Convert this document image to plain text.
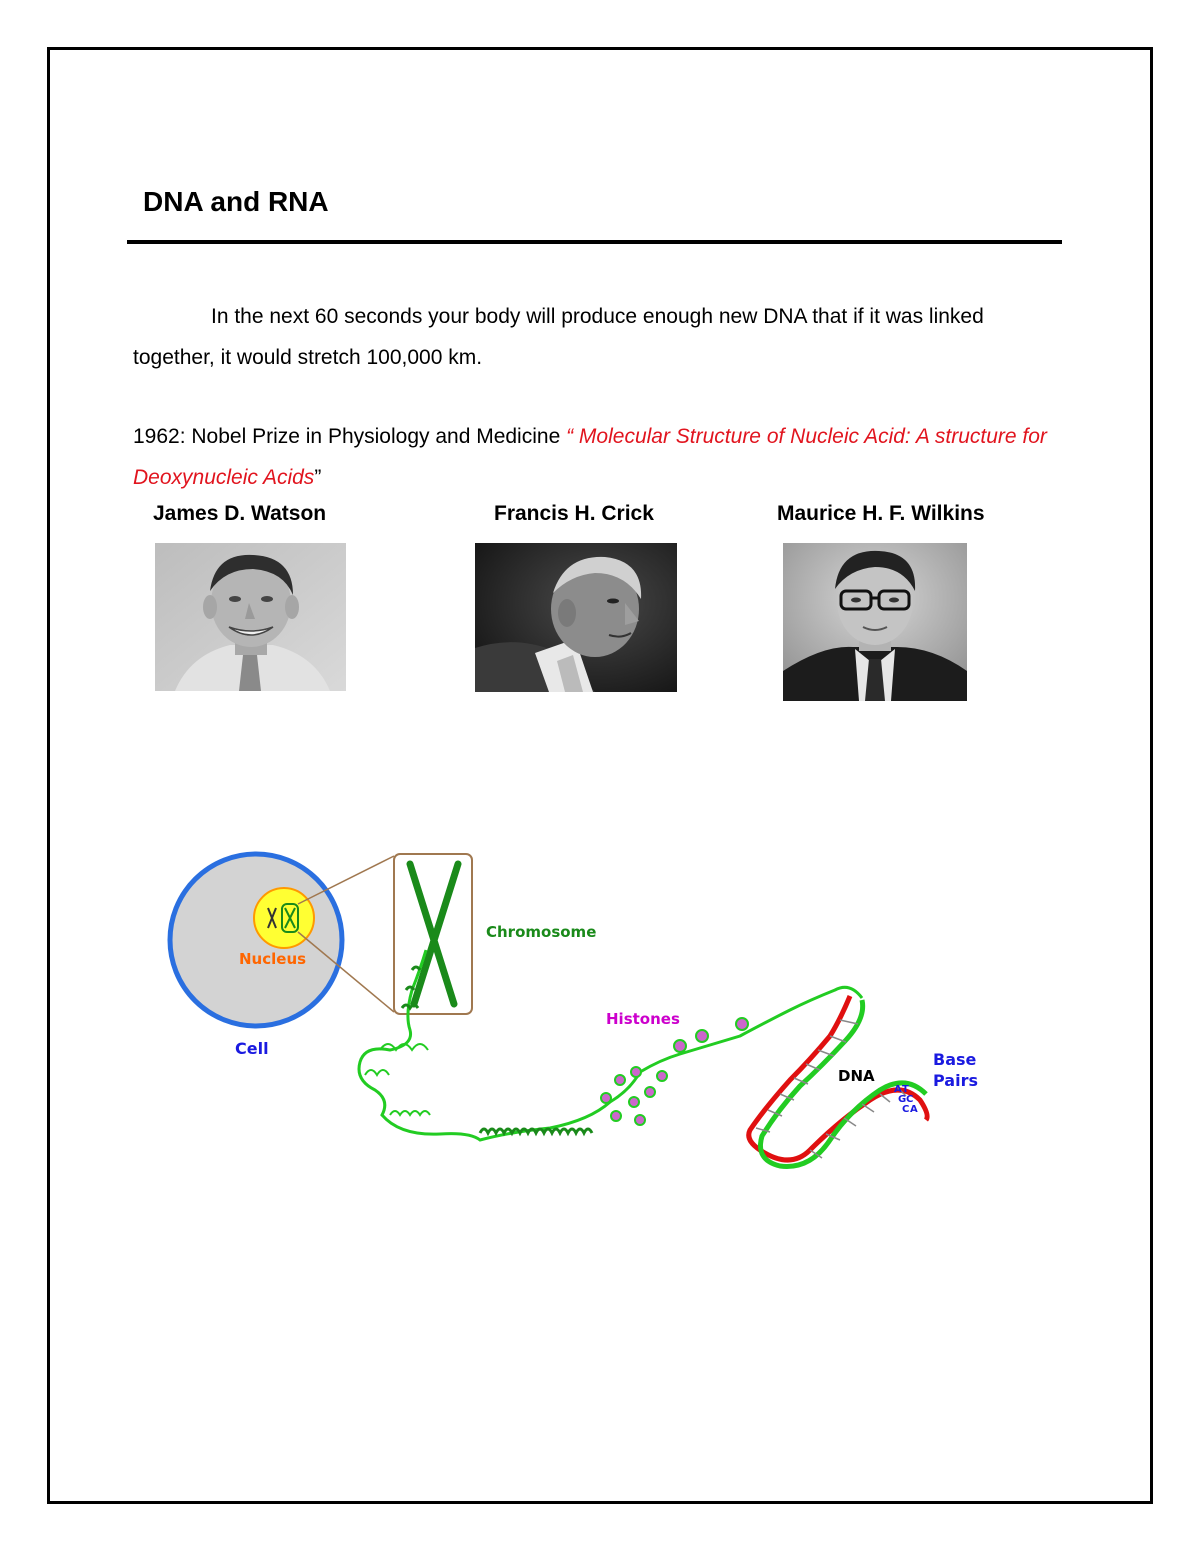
DNA and RNA

In the next 60 seconds your body will produce enough new DNA that if it was linked together, it would stretch 100,000 km.

1962: Nobel Prize in Physiology and Medicine “ Molecular Structure of Nucleic Acid: A structure for Deoxynucleic Acids”

James D. Watson	Francis H. Crick	Maurice H. F. Wilkins
Nucleus
Cell
Chromosome
Histones
DNA
Base
Pairs
A T
G C
C A
